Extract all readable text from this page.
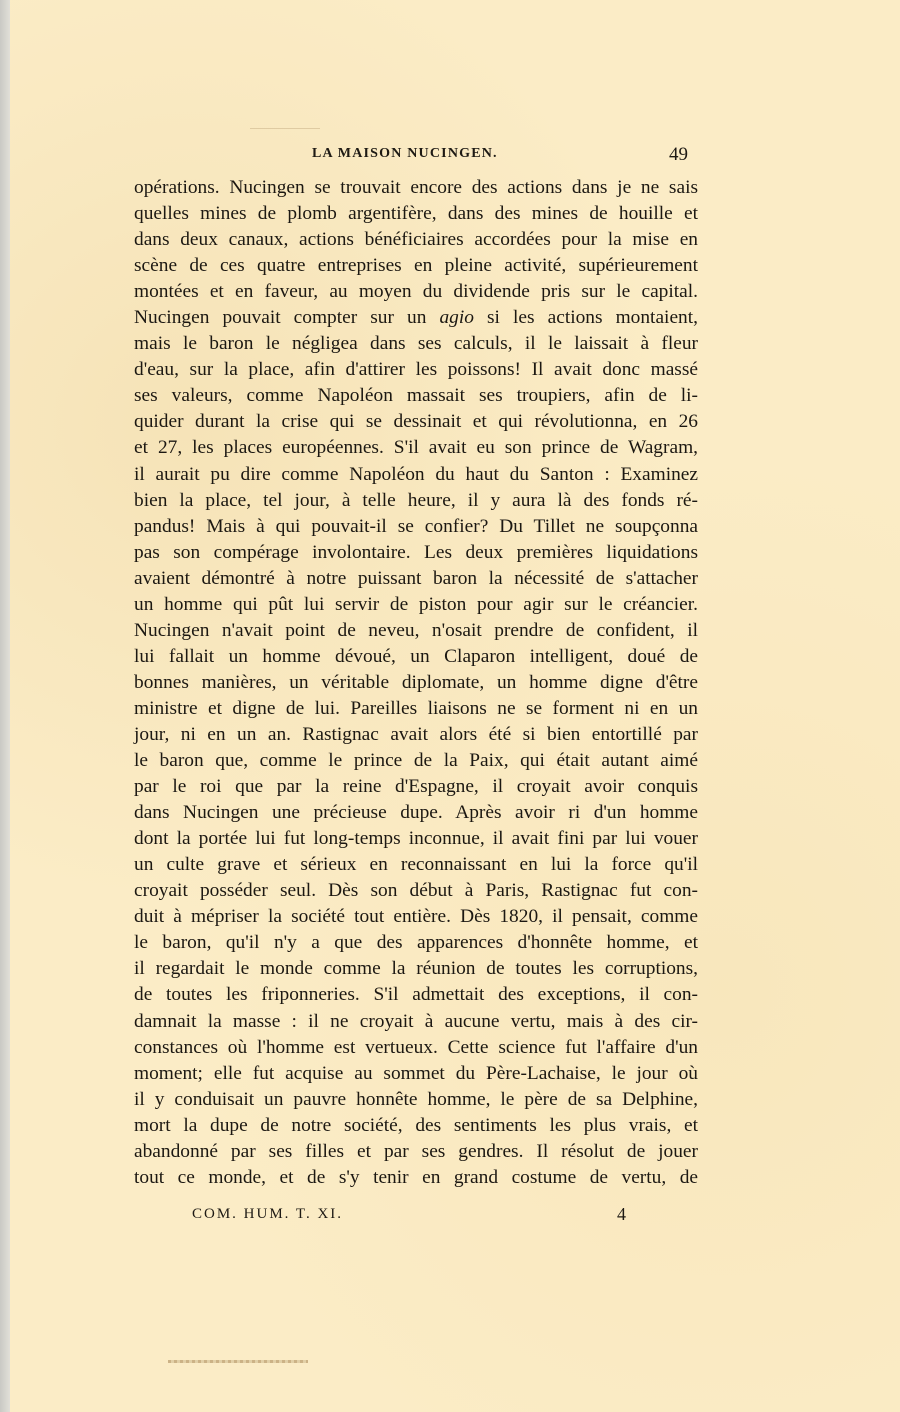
LA MAISON NUCINGEN.	49
opérations. Nucingen se trouvait encore des actions dans je ne sais
quelles mines de plomb argentifère, dans des mines de houille et
dans deux canaux, actions bénéficiaires accordées pour la mise en
scène de ces quatre entreprises en pleine activité, supérieurement
montées et en faveur, au moyen du dividende pris sur le capital.
Nucingen pouvait compter sur un agio si les actions montaient,
mais le baron le négligea dans ses calculs, il le laissait à fleur
d'eau, sur la place, afin d'attirer les poissons! Il avait donc massé
ses valeurs, comme Napoléon massait ses troupiers, afin de li-
quider durant la crise qui se dessinait et qui révolutionna, en 26
et 27, les places européennes. S'il avait eu son prince de Wagram,
il aurait pu dire comme Napoléon du haut du Santon : Examinez
bien la place, tel jour, à telle heure, il y aura là des fonds ré-
pandus! Mais à qui pouvait-il se confier? Du Tillet ne soupçonna
pas son compérage involontaire. Les deux premières liquidations
avaient démontré à notre puissant baron la nécessité de s'attacher
un homme qui pût lui servir de piston pour agir sur le créancier.
Nucingen n'avait point de neveu, n'osait prendre de confident, il
lui fallait un homme dévoué, un Claparon intelligent, doué de
bonnes manières, un véritable diplomate, un homme digne d'être
ministre et digne de lui. Pareilles liaisons ne se forment ni en un
jour, ni en un an. Rastignac avait alors été si bien entortillé par
le baron que, comme le prince de la Paix, qui était autant aimé
par le roi que par la reine d'Espagne, il croyait avoir conquis
dans Nucingen une précieuse dupe. Après avoir ri d'un homme
dont la portée lui fut long-temps inconnue, il avait fini par lui vouer
un culte grave et sérieux en reconnaissant en lui la force qu'il
croyait posséder seul. Dès son début à Paris, Rastignac fut con-
duit à mépriser la société tout entière. Dès 1820, il pensait, comme
le baron, qu'il n'y a que des apparences d'honnête homme, et
il regardait le monde comme la réunion de toutes les corruptions,
de toutes les friponneries. S'il admettait des exceptions, il con-
damnait la masse : il ne croyait à aucune vertu, mais à des cir-
constances où l'homme est vertueux. Cette science fut l'affaire d'un
moment; elle fut acquise au sommet du Père-Lachaise, le jour où
il y conduisait un pauvre honnête homme, le père de sa Delphine,
mort la dupe de notre société, des sentiments les plus vrais, et
abandonné par ses filles et par ses gendres. Il résolut de jouer
tout ce monde, et de s'y tenir en grand costume de vertu, de
COM. HUM. T. XI.	4
